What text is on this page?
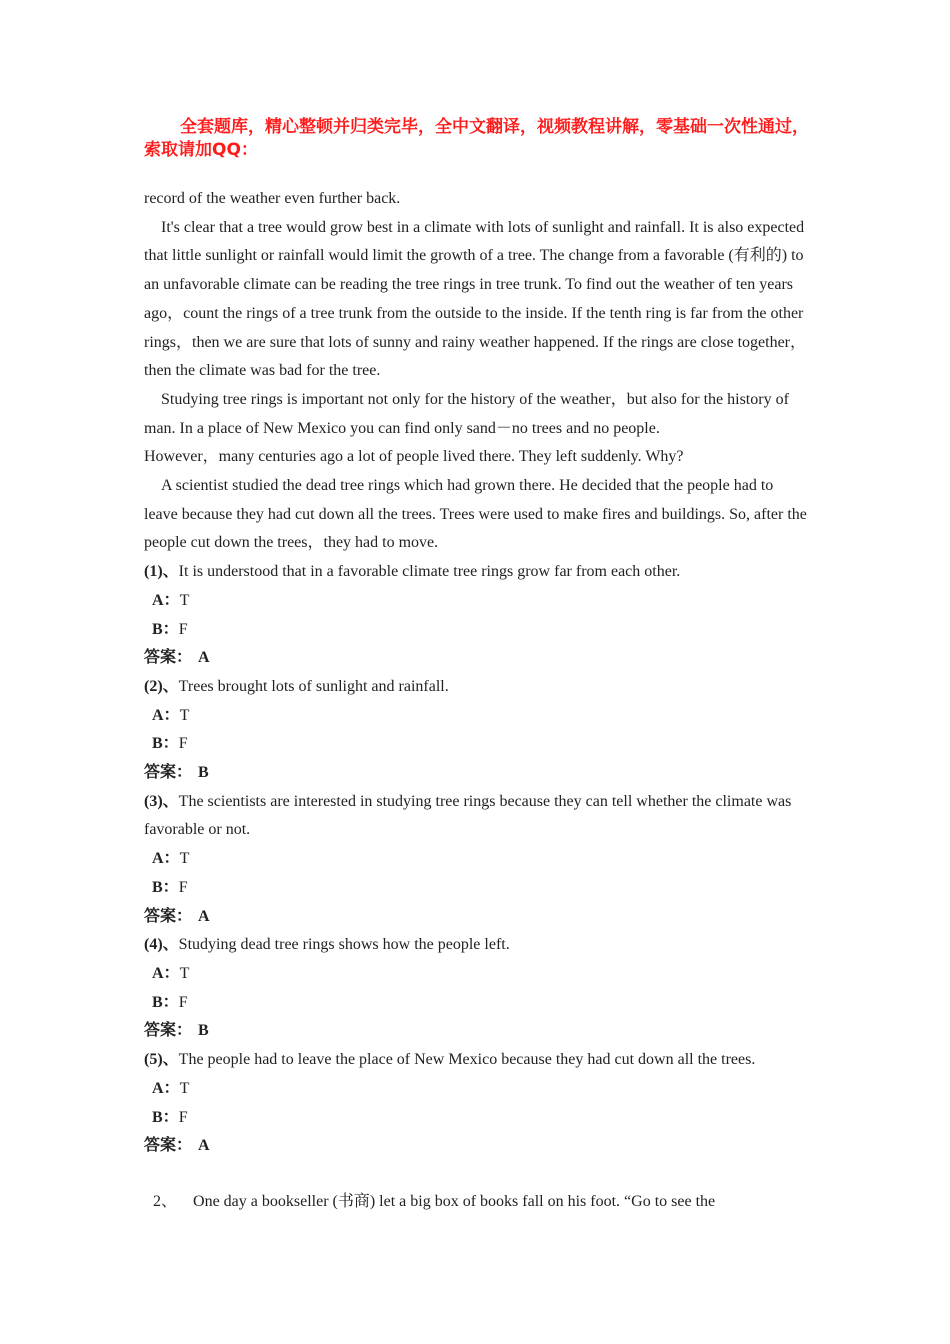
全套题库，精心整顿并归类完毕，全中文翻译，视频教程讲解，零基础一次性通过，索取请加QQ：

record of the weather even further back.

It's clear that a tree would grow best in a climate with lots of sunlight and rainfall. It is also expected that little sunlight or rainfall would limit the growth of a tree. The change from a favorable (有利的) to an unfavorable climate can be reading the tree rings in tree trunk. To find out the weather of ten years ago，count the rings of a tree trunk from the outside to the inside. If the tenth ring is far from the other rings，then we are sure that lots of sunny and rainy weather happened. If the rings are close together，then the climate was bad for the tree.

Studying tree rings is important not only for the history of the weather，but also for the history of man. In a place of New Mexico you can find only sand－no trees and no people.

However，many centuries ago a lot of people lived there. They left suddenly. Why?

A scientist studied the dead tree rings which had grown there. He decided that the people had to leave because they had cut down all the trees. Trees were used to make fires and buildings. So, after the people cut down the trees，they had to move.

(1)、It is understood that in a favorable climate tree rings grow far from each other.
A：T
B：F
答案： A
(2)、Trees brought lots of sunlight and rainfall.
A：T
B：F
答案： B
(3)、The scientists are interested in studying tree rings because they can tell whether the climate was favorable or not.
A：T
B：F
答案： A
(4)、Studying dead tree rings shows how the people left.
A：T
B：F
答案： B
(5)、The people had to leave the place of New Mexico because they had cut down all the trees.
A：T
B：F
答案： A
2、 One day a bookseller (书商) let a big box of books fall on his foot. “Go to see the
